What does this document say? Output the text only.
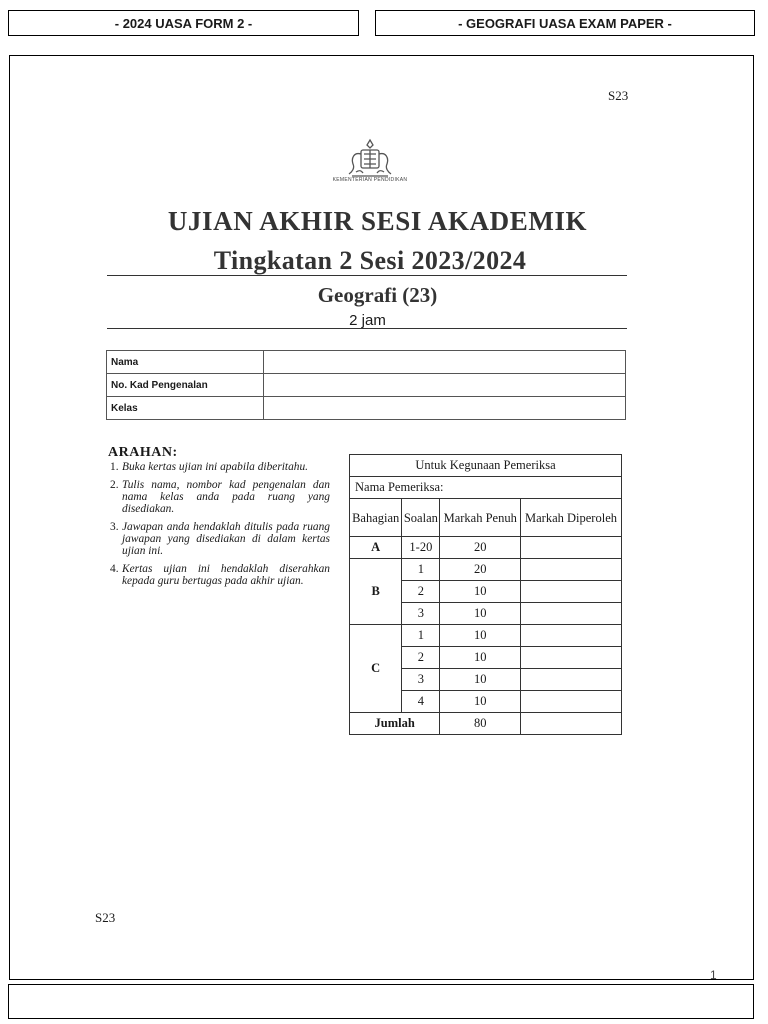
- 2024 UASA FORM 2 -	- GEOGRAFI UASA EXAM PAPER -
S23
KEMENTERIAN PENDIDIKAN
UJIAN AKHIR SESI AKADEMIK
Tingkatan 2 Sesi 2023/2024
Geografi (23)
2 jam
Nama	
No. Kad Pengenalan	
Kelas	
ARAHAN:
1. Buka kertas ujian ini apabila diberitahu.
2. Tulis nama, nombor kad pengenalan dan nama kelas anda pada ruang yang disediakan.
3. Jawapan anda hendaklah ditulis pada ruang jawapan yang disediakan di dalam kertas ujian ini.
4. Kertas ujian ini hendaklah diserahkan kepada guru bertugas pada akhir ujian.
Untuk Kegunaan Pemeriksa			
Nama Pemeriksa:			
Bahagian	Soalan	Markah Penuh	Markah Diperoleh
A	1-20	20	
B	1	20	
	2	10	
	3	10	
C	1	10	
	2	10	
	3	10	
	4	10	
Jumlah		80	
S23
1
